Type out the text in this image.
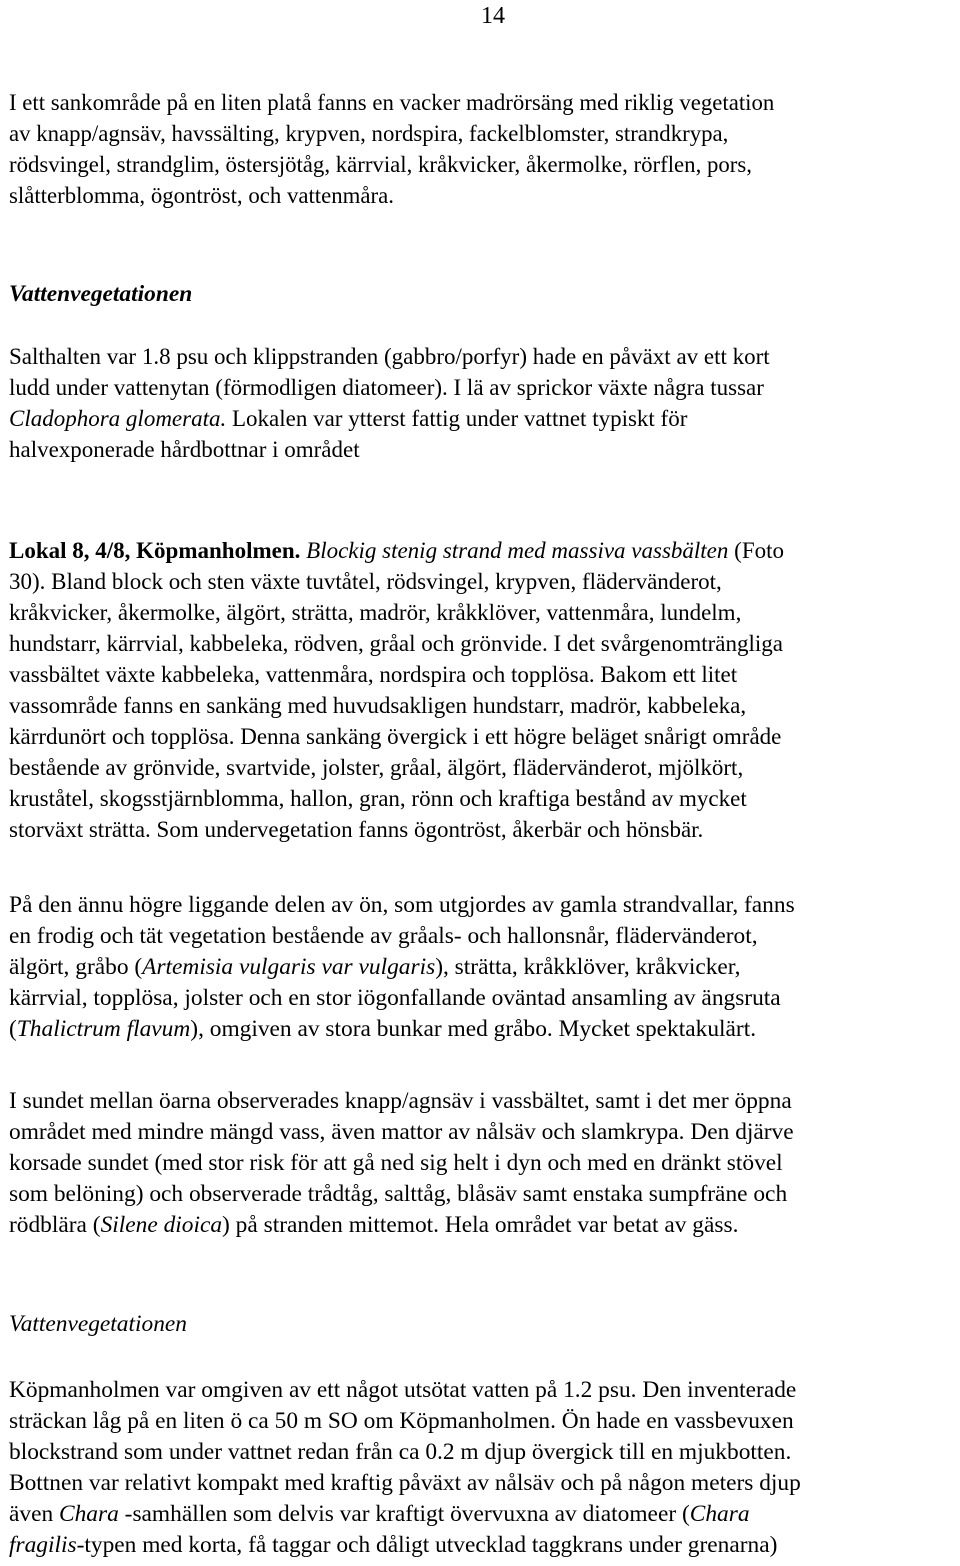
14
I ett sankområde på en liten platå fanns en vacker madrörsäng med riklig vegetation
av knapp/agnsäv, havssälting, krypven, nordspira, fackelblomster, strandkrypa,
rödsvingel, strandglim, östersjötåg, kärrvial, kråkvicker, åkermolke, rörflen, pors,
slåtterblomma, ögontröst, och vattenmåra.
Vattenvegetationen
Salthalten var 1.8 psu och klippstranden (gabbro/porfyr) hade en påväxt av ett kort
ludd under vattenytan (förmodligen diatomeer). I lä av sprickor växte några tussar
Cladophora glomerata. Lokalen var ytterst fattig under vattnet typiskt för
halvexponerade hårdbottnar i området
Lokal 8, 4/8, Köpmanholmen. Blockig stenig strand med massiva vassbälten (Foto
30). Bland block och sten växte tuvtåtel, rödsvingel, krypven, flädervänderot,
kråkvicker, åkermolke, älgört, strätta, madrör, kråkklöver, vattenmåra, lundelm,
hundstarr, kärrvial, kabbeleka, rödven, gråal och grönvide. I det svårgenomträngliga
vassbältet växte kabbeleka, vattenmåra, nordspira och topplösa. Bakom ett litet
vassområde fanns en sankäng med huvudsakligen hundstarr, madrör, kabbeleka,
kärrdunört och topplösa. Denna sankäng övergick i ett högre beläget snårigt område
bestående av grönvide, svartvide, jolster, gråal, älgört, flädervänderot, mjölkört,
kruståtel, skogsstjärnblomma, hallon, gran, rönn och kraftiga bestånd av mycket
storväxt strätta. Som undervegetation fanns ögontröst, åkerbär och hönsbär.
På den ännu högre liggande delen av ön, som utgjordes av gamla strandvallar, fanns
en frodig och tät vegetation bestående av gråals- och hallonsnår, flädervänderot,
älgört, gråbo (Artemisia vulgaris var vulgaris), strätta, kråkklöver, kråkvicker,
kärrvial, topplösa, jolster och en stor iögonfallande oväntad ansamling av ängsruta
(Thalictrum flavum), omgiven av stora bunkar med gråbo. Mycket spektakulärt.
I sundet mellan öarna observerades knapp/agnsäv i vassbältet, samt i det mer öppna
området med mindre mängd vass, även mattor av nålsäv och slamkrypa. Den djärve
korsade sundet (med stor risk för att gå ned sig helt i dyn och med en dränkt stövel
som belöning) och observerade trådtåg, salttåg, blåsäv samt enstaka sumpfräne och
rödblära (Silene dioica) på stranden mittemot. Hela området var betat av gäss.
Vattenvegetationen
Köpmanholmen var omgiven av ett något utsötat vatten på 1.2 psu. Den inventerade
sträckan låg på en liten ö ca 50 m SO om Köpmanholmen. Ön hade en vassbevuxen
blockstrand som under vattnet redan från ca 0.2 m djup övergick till en mjukbotten.
Bottnen var relativt kompakt med kraftig påväxt av nålsäv och på någon meters djup
även Chara -samhällen som delvis var kraftigt övervuxna av diatomeer (Chara
fragilis-typen med korta, få taggar och dåligt utvecklad taggkrans under grenarna)
